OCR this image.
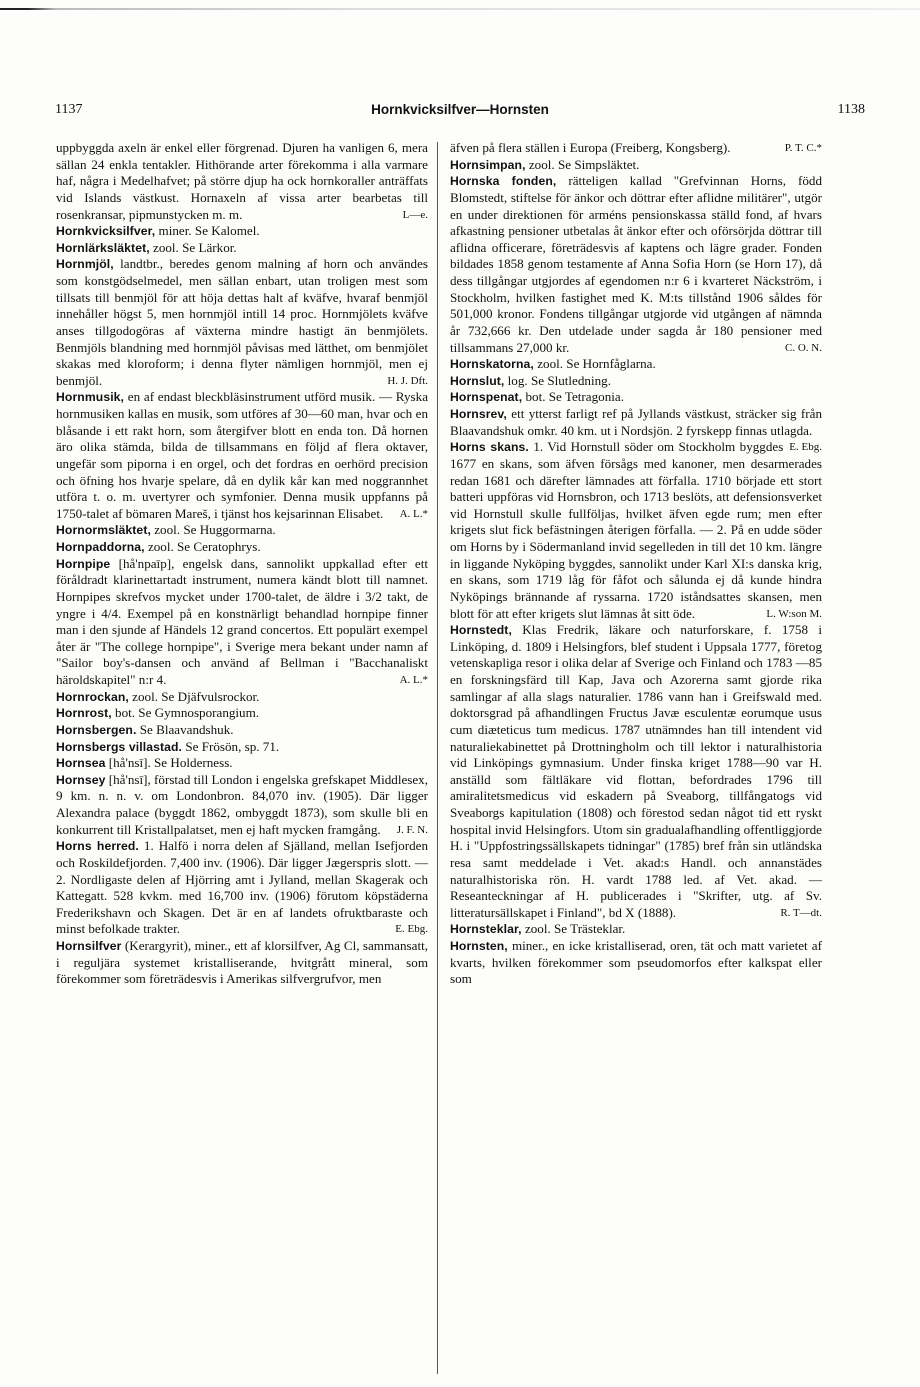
1137	Hornkvicksilfver—Hornsten	1138

uppbyggda axeln är enkel eller förgrenad. Djuren ha vanligen 6, mera sällan 24 enkla tentakler. Hithörande arter förekomma i alla varmare haf, några i Medelhafvet; på större djup ha ock hornkoraller anträffats vid Islands västkust. Hornaxeln af vissa arter bearbetas till rosenkransar, pipmunstycken m. m.	L—e.

Hornkvicksilfver, miner. Se Kalomel.

Hornlärksläktet, zool. Se Lärkor.

Hornmjöl, landtbr., beredes genom malning af horn och användes som konstgödselmedel, men sällan enbart, utan troligen mest som tillsats till benmjöl för att höja dettas halt af kväfve, hvaraf benmjöl innehåller högst 5, men hornmjöl intill 14 proc. Hornmjölets kväfve anses tillgodogöras af växterna mindre hastigt än benmjölets. Benmjöls blandning med hornmjöl påvisas med lätthet, om benmjölet skakas med kloroform; i denna flyter nämligen hornmjöl, men ej benmjöl.	H. J. Dft.

Hornmusik, en af endast bleckbläsinstrument utförd musik. — Ryska hornmusiken kallas en musik, som utföres af 30—60 man, hvar och en blåsande i ett rakt horn, som återgifver blott en enda ton. Då hornen äro olika stämda, bilda de tillsammans en följd af flera oktaver, ungefär som piporna i en orgel, och det fordras en oerhörd precision och öfning hos hvarje spelare, då en dylik kår kan med noggrannhet utföra t. o. m. uvertyrer och symfonier. Denna musik uppfanns på 1750-talet af bömaren Mareš, i tjänst hos kejsarinnan Elisabet. A. L.*

Hornormsläktet, zool. Se Huggormarna.

Hornpaddorna, zool. Se Ceratophrys.

Hornpipe [hå'npaīp], engelsk dans, sannolikt uppkallad efter ett föråldradt klarinettartadt instrument, numera kändt blott till namnet. Hornpipes skrefvos mycket under 1700-talet, de äldre i 3/2 takt, de yngre i 4/4. Exempel på en konstnärligt behandlad hornpipe finner man i den sjunde af Händels 12 grand concertos. Ett populärt exempel åter är "The college hornpipe", i Sverige mera bekant under namn af "Sailor boy's-dansen och använd af Bellman i "Bacchanaliskt häroldskapitel" n:r 4.	A. L.*

Hornrockan, zool. Se Djäfvulsrockor.

Hornrost, bot. Se Gymnosporangium.

Hornsbergen. Se Blaavandshuk.

Hornsbergs villastad. Se Frösön, sp. 71.

Hornsea [hå'nsī]. Se Holderness.

Hornsey [hå'nsī], förstad till London i engelska grefskapet Middlesex, 9 km. n. n. v. om Londonbron. 84,070 inv. (1905). Där ligger Alexandra palace (byggdt 1862, ombyggdt 1873), som skulle bli en konkurrent till Kristallpalatset, men ej haft mycken framgång. J. F. N.

Horns herred. 1. Halfö i norra delen af Själland, mellan Isefjorden och Roskildefjorden. 7,400 inv. (1906). Där ligger Jægerspris slott. — 2. Nordligaste delen af Hjörring amt i Jylland, mellan Skagerak och Kattegatt. 528 kvkm. med 16,700 inv. (1906) förutom köpstäderna Frederikshavn och Skagen. Det är en af landets ofruktbaraste och minst befolkade trakter.	E. Ebg.

Hornsilfver (Kerargyrit), miner., ett af klorsilfver, Ag Cl, sammansatt, i reguljära systemet kristalliserande, hvitgrått mineral, som förekommer som företrädesvis i Amerikas silfvergrufvor, men

äfven på flera ställen i Europa (Freiberg, Kongsberg).	P. T. C.*

Hornsimpan, zool. Se Simpsläktet.

Hornska fonden, rätteligen kallad "Grefvinnan Horns, född Blomstedt, stiftelse för änkor och döttrar efter aflidne militärer", utgör en under direktionen för arméns pensionskassa ställd fond, af hvars afkastning pensioner utbetalas åt änkor efter och oförsörjda döttrar till aflidna officerare, företrädesvis af kaptens och lägre grader. Fonden bildades 1858 genom testamente af Anna Sofia Horn (se Horn 17), då dess tillgångar utgjordes af egendomen n:r 6 i kvarteret Näckström, i Stockholm, hvilken fastighet med K. M:ts tillstånd 1906 såldes för 501,000 kronor. Fondens tillgångar utgjorde vid utgången af nämnda år 732,666 kr. Den utdelade under sagda år 180 pensioner med tillsammans 27,000 kr.	C. O. N.

Hornskatorna, zool. Se Hornfåglarna.

Hornslut, log. Se Slutledning.

Hornspenat, bot. Se Tetragonia.

Hornsrev, ett ytterst farligt ref på Jyllands västkust, sträcker sig från Blaavandshuk omkr. 40 km. ut i Nordsjön. 2 fyrskepp finnas utlagda.
E. Ebg.

Horns skans. 1. Vid Hornstull söder om Stockholm byggdes 1677 en skans, som äfven försågs med kanoner, men desarmerades redan 1681 och därefter lämnades att förfalla. 1710 började ett stort batteri uppföras vid Hornsbron, och 1713 beslöts, att defensionsverket vid Hornstull skulle fullföljas, hvilket äfven egde rum; men efter krigets slut fick befästningen återigen förfalla. — 2. På en udde söder om Horns by i Södermanland invid segelleden in till det 10 km. längre in liggande Nyköping byggdes, sannolikt under Karl XI:s danska krig, en skans, som 1719 låg för fåfot och sålunda ej då kunde hindra Nyköpings brännande af ryssarna. 1720 iståndsattes skansen, men blott för att efter krigets slut lämnas åt sitt öde.	L. W:son M.

Hornstedt, Klas Fredrik, läkare och naturforskare, f. 1758 i Linköping, d. 1809 i Helsingfors, blef student i Uppsala 1777, företog vetenskapliga resor i olika delar af Sverige och Finland och 1783 —85 en forskningsfärd till Kap, Java och Azorerna samt gjorde rika samlingar af alla slags naturalier. 1786 vann han i Greifswald med. doktorsgrad på afhandlingen Fructus Javæ esculentæ eorumque usus cum diæteticus tum medicus. 1787 utnämndes han till intendent vid naturaliekabinettet på Drottningholm och till lektor i naturalhistoria vid Linköpings gymnasium. Under finska kriget 1788—90 var H. anställd som fältläkare vid flottan, befordrades 1796 till amiralitetsmedicus vid eskadern på Sveaborg, tillfångatogs vid Sveaborgs kapitulation (1808) och förestod sedan något tid ett ryskt hospital invid Helsingfors. Utom sin gradualafhandling offentliggjorde H. i "Uppfostringssällskapets tidningar" (1785) bref från sin utländska resa samt meddelade i Vet. akad:s Handl. och annanstädes naturalhistoriska rön. H. vardt 1788 led. af Vet. akad. — Reseanteckningar af H. publicerades i "Skrifter, utg. af Sv. litteratursällskapet i Finland", bd X (1888).	R. T—dt.

Hornsteklar, zool. Se Trästeklar.

Hornsten, miner., en icke kristalliserad, oren, tät och matt varietet af kvarts, hvilken förekommer som pseudomorfos efter kalkspat eller som
